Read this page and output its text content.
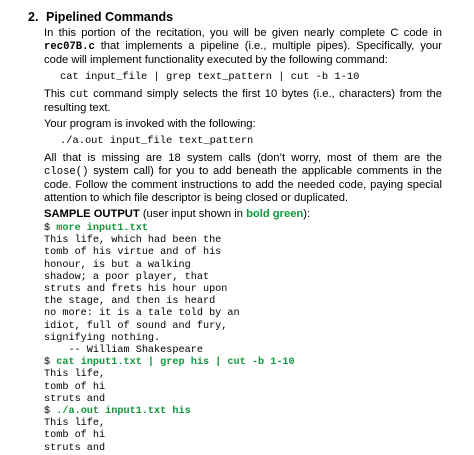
2. Pipelined Commands

In this portion of the recitation, you will be given nearly complete C code in rec07B.c that implements a pipeline (i.e., multiple pipes). Specifically, your code will implement functionality executed by the following command:

cat input_file | grep text_pattern | cut -b 1-10

This cut command simply selects the first 10 bytes (i.e., characters) from the resulting text.

Your program is invoked with the following:

./a.out input_file text_pattern

All that is missing are 18 system calls (don’t worry, most of them are the close() system call) for you to add beneath the applicable comments in the code. Follow the comment instructions to add the needed code, paying special attention to which file descriptor is being closed or duplicated.

SAMPLE OUTPUT (user input shown in bold green):

$ more input1.txt
This life, which had been the
tomb of his virtue and of his
honour, is but a walking
shadow; a poor player, that
struts and frets his hour upon
the stage, and then is heard
no more: it is a tale told by an
idiot, full of sound and fury,
signifying nothing.
-- William Shakespeare
$ cat input1.txt | grep his | cut -b 1-10
This life,
tomb of hi
struts and
$ ./a.out input1.txt his
This life,
tomb of hi
struts and
